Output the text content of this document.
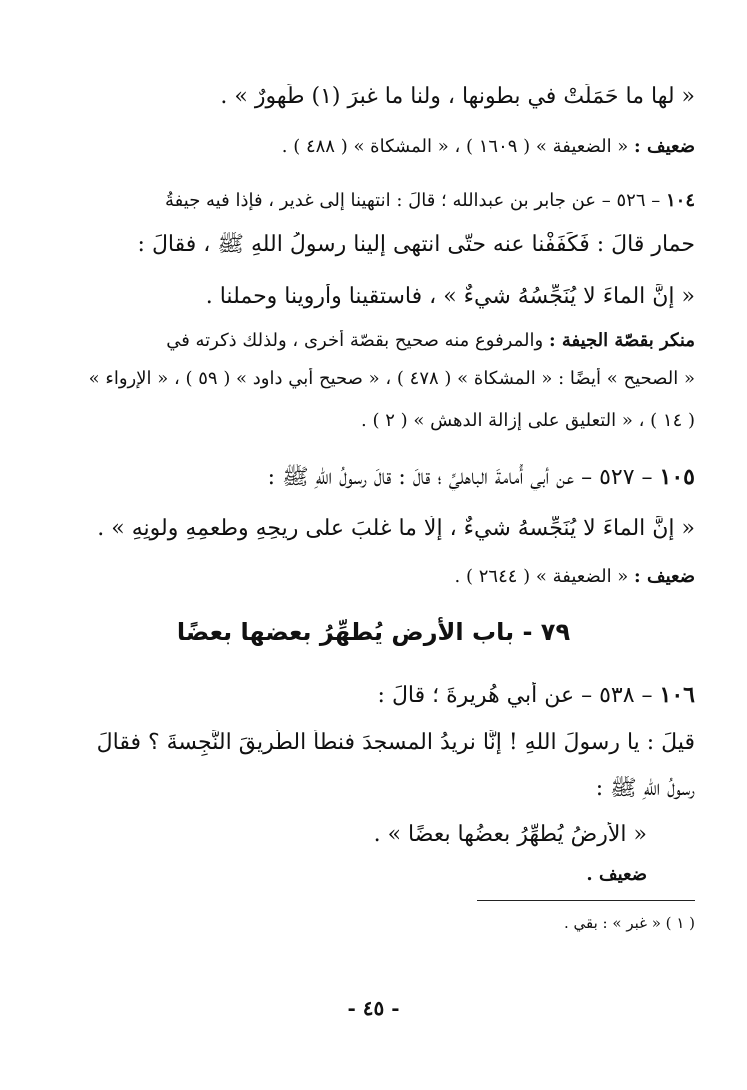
« لها ما حَمَلَتْ في بطونها ، ولنا ما غبرَ (١) طَهورٌ » .
ضعيف : « الضعيفة » ( ١٦٠٩ ) ، « المشكاة » ( ٤٨٨ ) .
١٠٤ – ٥٢٦ – عن جابر بن عبدالله ؛ قالَ : انتهينا إلى غدير ، فإذا فيه جيفةُ
حمار قالَ : فَكَفَفْنا عنه حتّى انتهى إلينا رسولُ اللهِ ﷺ ، فقالَ :
« إنَّ الماءَ لا يُنَجِّسُهُ شيءٌ » ، فاستقينا وأَروينا وحملنا .
منكر بقصّة الجيفة : والمرفوع منه صحيح بقصّة أُخرى ، ولذلك ذكرته في
« الصحيح » أيضًا : « المشكاة » ( ٤٧٨ ) ، « صحيح أبي داود » ( ٥٩ ) ، « الإرواء »
( ١٤ ) ، « التعليق على إزالة الدهش » ( ٢ ) .
١٠٥ – ٥٢٧ – عن أبي أُمامةَ الباهليِّ ؛ قالَ : قالَ رسولُ اللهِ ﷺ :
« إنَّ الماءَ لا يُنَجِّسهُ شيءٌ ، إلَّا ما غلبَ على ريحِهِ وطعمِهِ ولونِهِ » .
ضعيف : « الضعيفة » ( ٢٦٤٤ ) .
٧٩ - باب الأرض يُطهِّرُ بعضها بعضًا
١٠٦ – ٥٣٨ – عن أبي هُريرةَ ؛ قالَ :
قيلَ : يا رسولَ اللهِ ! إنَّا نريدُ المسجدَ فنطأُ الطَّريقَ النَّجِسةَ ؟ فقالَ
رسولُ اللهِ ﷺ :
« الأرضُ يُطهِّرُ بعضُها بعضًا » .
ضعيف .
( ١ ) « غبر » : بقي .
- ٤٥ -
